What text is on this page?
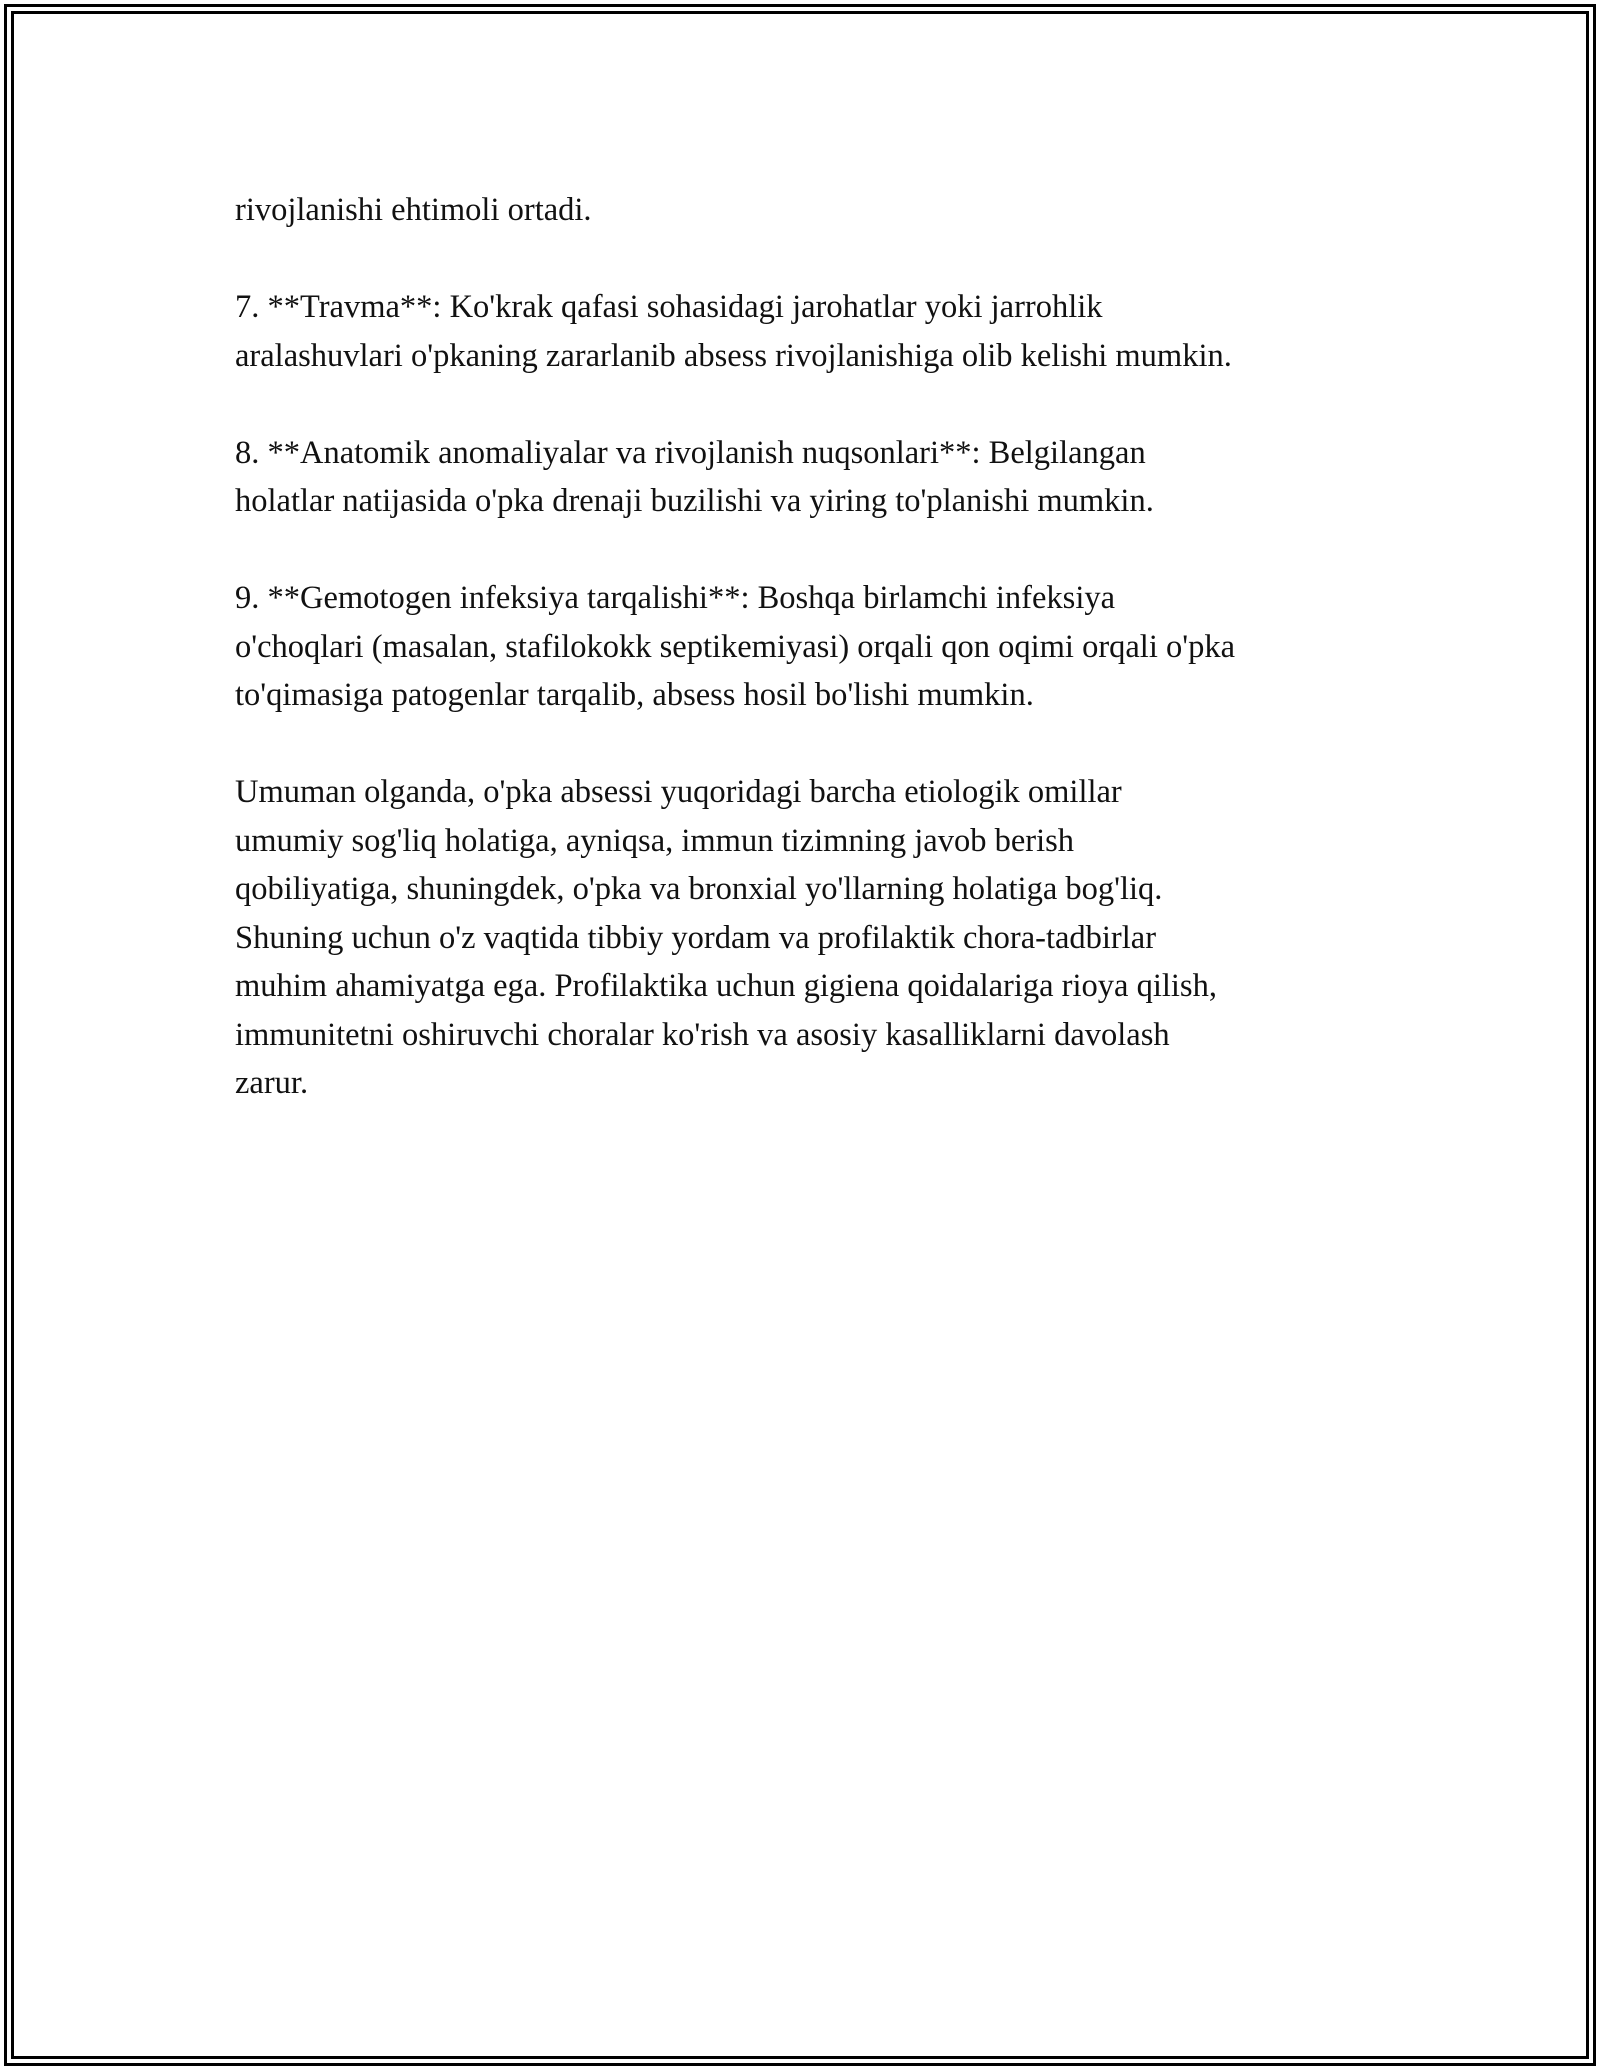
rivojlanishi ehtimoli ortadi.

7. **Travma**: Ko'krak qafasi sohasidagi jarohatlar yoki jarrohlik
aralashuvlari o'pkaning zararlanib absess rivojlanishiga olib kelishi mumkin.

8. **Anatomik anomaliyalar va rivojlanish nuqsonlari**: Belgilangan
holatlar natijasida o'pka drenaji buzilishi va yiring to'planishi mumkin.

9. **Gemotogen infeksiya tarqalishi**: Boshqa birlamchi infeksiya
o'choqlari (masalan, stafilokokk septikemiyasi) orqali qon oqimi orqali o'pka
to'qimasiga patogenlar tarqalib, absess hosil bo'lishi mumkin.

Umuman olganda, o'pka absessi yuqoridagi barcha etiologik omillar
umumiy sog'liq holatiga, ayniqsa, immun tizimning javob berish
qobiliyatiga, shuningdek, o'pka va bronxial yo'llarning holatiga bog'liq.
Shuning uchun o'z vaqtida tibbiy yordam va profilaktik chora-tadbirlar
muhim ahamiyatga ega. Profilaktika uchun gigiena qoidalariga rioya qilish,
immunitetni oshiruvchi choralar ko'rish va asosiy kasalliklarni davolash
zarur.
